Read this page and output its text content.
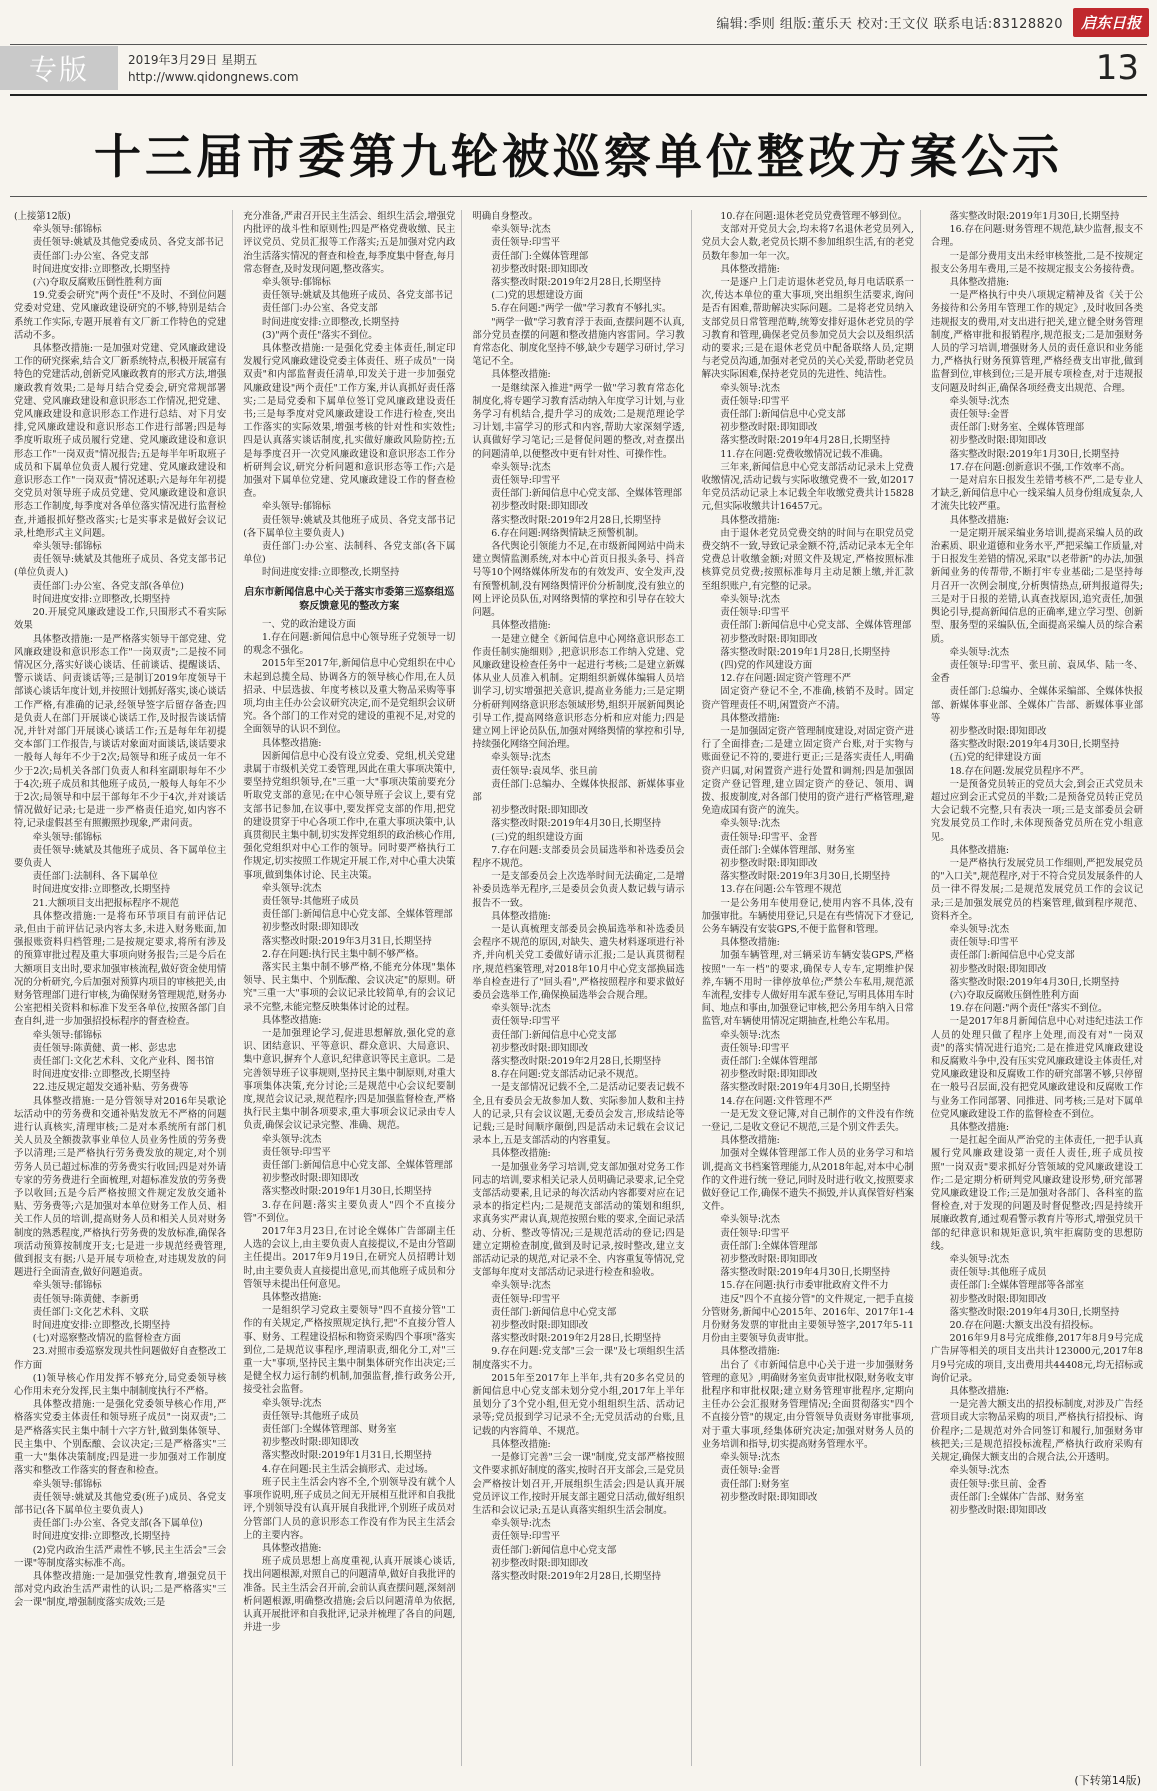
编辑:季则 组版:董乐天 校对:王文仪 联系电话:83128820	启东日报
专版	2019年3月29日 星期五
http://www.qidongnews.com	13
十三届市委第九轮被巡察单位整改方案公示

(上接第12版)

牵头领导:郁锦标

责任领导:姚斌及其他党委成员、各党支部书记

责任部门:办公室、各党支部

时间进度安排:立即整改,长期坚持

(六)夺取反腐败压倒性胜利方面

19.党委会研究"两个责任"不及时、不到位问题党委对党建、党风廉政建设研究的不够,特别是结合系统工作实际,专题开展着有文厂新工作特色的党建活动不多。

具体整改措施:一是加强对党建、党风廉政建设工作的研究探索,结合文厂新系统特点,积极开展富有特色的党建活动,创新党风廉政教育的形式方法,增强廉政教育效果;二是每月结合党委会,研究常规部署党建、党风廉政建设和意识形态工作情况,把党建、党风廉政建设和意识形态工作进行总结、对下月安排,党风廉政建设和意识形态工作进行部署;四是每季度听取班子成员履行党建、党风廉政建设和意识形态工作"一岗双责"情况报告;五是每半年听取班子成员和下属单位负责人履行党建、党风廉政建设和意识形态工作"一岗双责"情况述职;六是每年年初提交党员对领导班子成员党建、党风廉政建设和意识形态工作制度,每季度对各单位落实情况进行监督检查,并通报抓好整改落实;七是实事求是做好会议记录,杜绝形式主义问题。

牵头领导:郁锦标

责任领导:姚斌及其他班子成员、各党支部书记(单位负责人)

责任部门:办公室、各党支部(各单位)

时间进度安排:立即整改,长期坚持

20.开展党风廉政建设工作,只围形式不看实际效果

具体整改措施:一是严格落实领导干部党建、党风廉政建设和意识形态工作"一岗双责";二是按不同情况区分,落实好谈心谈话、任前谈话、提醒谈话、警示谈话、问责谈话等;三是制订2019年度领导干部谈心谈话年度计划,并按照计划抓好落实,谈心谈话工作严格,有准确的记录,经领导签字后留存备查;四是负责人在部门开展谈心谈话工作,及时报告谈话情况,并针对部门开展谈心谈话工作;五是每年年初提交本部门工作报告,与谈话对象面对面谈话,谈话要求一般每人每年不少于2次;局领导和班子成员一年不少于2次;局机关各部门负责人和科室副职每年不少于4次;班子成员和其他班子成员,一般每人每年不少于2次;局领导和中层干部每年不少于4次,并对谈话情况做好记录;七是进一步严格责任追究,如内容不符,记录虚假甚至有照搬照抄现象,严肃问责。

牵头领导:郁锦标

责任领导:姚斌及其他班子成员、各下属单位主要负责人

责任部门:法制科、各下属单位

时间进度安排:立即整改,长期坚持

21.大额项目支出把报标程序不规范

具体整改措施:一是将布环节项目有前评估记录,但由于前评估记录内容太多,未进入财务账面,加强报账资料归档管理;二是按规定要求,将所有涉及的预算审批过程及重大事项向财务报告;三是今后在大额项目支出时,要求加强审核流程,做好资金使用情况的分析研究,今后加强对预算内项目的审核把关,由财务管理部门进行审核,为确保财务管理规范,财务办公室把相关资料和标准下发至各单位,按照各部门自查自纠,进一步加强招投标程序的督查检查。

牵头领导:郁锦标

责任领导:陈黄健、黄一彬、彭忠忠

责任部门:文化艺术科、文化产业科、图书馆

时间进度安排:立即整改,长期坚持

22.违反规定超发交通补贴、劳务费等

具体整改措施:一是分管领导对2016年吴歌论坛活动中的劳务费和交通补贴发放无不严格的问题进行认真核实,清理审核;二是对本系统所有部门机关人员及全额拨款事业单位人员业务性质的劳务费予以清理;三是严格执行劳务费发放的规定,对个别劳务人员已超过标准的劳务费实行收回;四是对外请专家的劳务费进行全面梳理,对超标准发放的劳务费予以收回;五是今后严格按照文件规定发放交通补贴、劳务费等;六是加强对本单位财务工作人员、相关工作人员的培训,提高财务人员和相关人员对财务制度的熟悉程度,严格执行劳务费的发放标准,确保各项活动预算按制度开支;七是进一步规范经费管理,做到报支有据;八是开展专项检查,对违规发放的问题进行全面清查,做好问题追责。

牵头领导:郁锦标

责任领导:陈黄健、李新勇

责任部门:文化艺术科、文联

时间进度安排:立即整改,长期坚持

(七)对巡察整改情况的监督检查方面

23.对照市委巡察发现共性问题做好自查整改工作方面

(1)领导核心作用发挥不够充分,局党委领导核心作用未充分发挥,民主集中制制度执行不严格。

具体整改措施:一是强化党委领导核心作用,严格落实党委主体责任和领导班子成员"一岗双责";二是严格落实民主集中制十六字方针,做到集体领导、民主集中、个别酝酿、会议决定;三是严格落实"三重一大"集体决策制度;四是进一步加强对工作制度落实和整改工作落实的督查和检查。

牵头领导:郁锦标

责任领导:姚斌及其他党委(班子)成员、各党支部书记(各下属单位主要负责人)

责任部门:办公室、各党支部(各下属单位)

时间进度安排:立即整改,长期坚持

(2)党内政治生活严肃性不够,民主生活会"三会一课"等制度落实标准不高。

具体整改措施:一是加强党性教育,增强党员干部对党内政治生活严肃性的认识;二是严格落实"三会一课"制度,增强制度落实成效;三是

充分准备,严肃召开民主生活会、组织生活会,增强党内批评的战斗性和原则性;四是严格党费收缴、民主评议党员、党员汇报等工作落实;五是加强对党内政治生活落实情况的督查和检查,每季度集中督查,每月常态督查,及时发现问题,整改落实。

牵头领导:郁锦标

责任领导:姚斌及其他班子成员、各党支部书记

责任部门:办公室、各党支部

时间进度安排:立即整改,长期坚持

(3)"两个责任"落实不到位。

具体整改措施:一是强化党委主体责任,制定印发履行党风廉政建设党委主体责任、班子成员"一岗双责"和内部监督责任清单,印发关于进一步加强党风廉政建设"两个责任"工作方案,并认真抓好责任落实;二是局党委和下属单位签订党风廉政建设责任书;三是每季度对党风廉政建设工作进行检查,突出工作落实的实际效果,增强考核的针对性和实效性;四是认真落实谈话制度,扎实做好廉政风险防控;五是每季度召开一次党风廉政建设和意识形态工作分析研判会议,研究分析问题和意识形态等工作;六是加强对下属单位党建、党风廉政建设工作的督查检查。

牵头领导:郁锦标

责任领导:姚斌及其他班子成员、各党支部书记(各下属单位主要负责人)

责任部门:办公室、法制科、各党支部(各下属单位)

时间进度安排:立即整改,长期坚持

启东市新闻信息中心关于落实市委第三巡察组巡察反馈意见的整改方案

一、党的政治建设方面

1.存在问题:新闻信息中心领导班子党领导一切的观念不强化。

2015年至2017年,新闻信息中心党组织在中心未起到总揽全局、协调各方的领导核心作用,在人员招录、中层选拔、年度考核以及重大物品采购等事项,均由主任办公会议研究决定,而不是党组织会议研究。各个部门的工作对党的建设的重视不足,对党的全面领导的认识不到位。

具体整改措施:

因新闻信息中心没有设立党委、党组,机关党建隶属于市级机关党工委管理,因此在重大事项决策中,要坚持党组织领导,在"三重一大"事项决策前要充分听取党支部的意见;在中心领导班子会议上,要有党支部书记参加,在议事中,要发挥党支部的作用,把党的建设贯穿于中心各项工作中,在重大事项决策中,认真贯彻民主集中制,切实发挥党组织的政治核心作用,强化党组织对中心工作的领导。同时要严格执行工作规定,切实按照工作规定开展工作,对中心重大决策事项,做到集体讨论、民主决策。

牵头领导:沈杰

责任领导:其他班子成员

责任部门:新闻信息中心党支部、全媒体管理部

初步整改时限:即知即改

落实整改时限:2019年3月31日,长期坚持

2.存在问题:执行民主集中制不够严格。

落实民主集中制不够严格,不能充分体现"集体领导、民主集中、个别酝酿、会议决定"的原则。研究"三重一大"事项的会议记录比较简单,有的会议记录不完整,未能完整反映集体讨论的过程。

具体整改措施:

一是加强理论学习,促进思想解放,强化党的意识、团结意识、平等意识、群众意识、大局意识、集中意识,摒弃个人意识,纪律意识等民主意识。二是完善领导班子议事规则,坚持民主集中制原则,对重大事项集体决策,充分讨论;三是规范中心会议纪要制度,规范会议记录,规范程序;四是加强监督检查,严格执行民主集中制各项要求,重大事项会议记录由专人负责,确保会议记录完整、准确、规范。

牵头领导:沈杰

责任领导:印雪平

责任部门:新闻信息中心党支部、全媒体管理部

初步整改时限:即知即改

落实整改时限:2019年1月30日,长期坚持

3.存在问题:落实主要负责人"四个不直接分管"不到位。

2017年3月23日,在讨论全媒体广告部副主任人选的会议上,由主要负责人直接提议,不是由分管副主任提出。2017年9月19日,在研究人员招聘计划时,由主要负责人直接提出意见,而其他班子成员和分管领导未提出任何意见。

具体整改措施:

一是组织学习党政主要领导"四不直接分管"工作的有关规定,严格按照规定执行,把"不直接分管人事、财务、工程建设招标和物资采购四个事项"落实到位,二是规范议事程序,理清职责,细化分工,对"三重一大"事项,坚持民主集中制集体研究作出决定;三是健全权力运行制约机制,加强监督,推行政务公开,接受社会监督。

牵头领导:沈杰

责任领导:其他班子成员

责任部门:全媒体管理部、财务室

初步整改时限:即知即改

落实整改时限:2019年1月31日,长期坚持

4.存在问题:民主生活会搞形式、走过场。

班子民主生活会内容不全,个别领导没有就个人事项作说明,班子成员之间无开展相互批评和自我批评,个别领导没有认真开展自我批评,个别班子成员对分管部门人员的意识形态工作没有作为民主生活会上的主要内容。

具体整改措施:

班子成员思想上高度重视,认真开展谈心谈话,找出问题根源,对照自己的问题清单,做好自我批评的准备。民主生活会召开前,会前认真查摆问题,深刻剖析问题根源,明确整改措施;会后以问题清单为依据,认真开展批评和自我批评,记录并梳理了各自的问题,并进一步

明确自身整改。

牵头领导:沈杰

责任领导:印雪平

责任部门:全媒体管理部

初步整改时限:即知即改

落实整改时限:2019年2月28日,长期坚持

(二)党的思想建设方面

5.存在问题:"两学一做"学习教育不够扎实。

"两学一做"学习教育浮于表面,查摆问题不认真,部分党员查摆的问题和整改措施内容雷同。学习教育常态化、制度化坚持不够,缺少专题学习研讨,学习笔记不全。

具体整改措施:

一是继续深入推进"两学一做"学习教育常态化制度化,将专题学习教育活动纳入年度学习计划,与业务学习有机结合,提升学习的成效;二是规范理论学习计划,丰富学习的形式和内容,帮助大家深刻学透,认真做好学习笔记;三是督促问题的整改,对查摆出的问题清单,以便整改中更有针对性、可操作性。

牵头领导:沈杰

责任领导:印雪平

责任部门:新闻信息中心党支部、全媒体管理部

初步整改时限:即知即改

落实整改时限:2019年2月28日,长期坚持

6.存在问题:网络舆情缺乏预警机制。

各代舆论引领能力不足,在市级新闻网站中尚未建立舆情监测系统,对本中心首页日报头条号、抖音号等10个网络媒体所发布的有效发声、安全发声,没有预警机制,没有网络舆情评价分析制度,没有独立的网上评论员队伍,对网络舆情的掌控和引导存在较大问题。

具体整改措施:

一是建立健全《新闻信息中心网络意识形态工作责任制实施细则》,把意识形态工作纳入党建、党风廉政建设检查任务中一起进行考核;二是建立新媒体从业人员准入机制。定期组织新媒体编辑人员培训学习,切实增强把关意识,提高业务能力;三是定期分析研判网络意识形态领域形势,组织开展新闻舆论引导工作,提高网络意识形态分析和应对能力;四是建立网上评论员队伍,加强对网络舆情的掌控和引导,持续强化网络空间治理。

牵头领导:沈杰

责任领导:袁凤华、张旦前

责任部门:总编办、全媒体快报部、新媒体事业部

初步整改时限:即知即改

落实整改时限:2019年4月30日,长期坚持

(三)党的组织建设方面

7.存在问题:支部委员会员届选举和补选委员会程序不规范。

一是支部委员会上次选举时间无法确定,二是增补委员选举无程序,三是委员会负责人数记载与请示报告不一致。

具体整改措施:

一是认真梳理支部委员会换届选举和补选委员会程序不规范的原因,对缺失、遗失材料逐项进行补齐,并向机关党工委做好请示汇报;二是认真贯彻程序,规范档案管理,对2018年10月中心党支部换届选举自检查进行了"回头看",严格按照程序和要求做好委员会选举工作,确保换届选举会合规合理。

牵头领导:沈杰

责任领导:印雪平

责任部门:新闻信息中心党支部

初步整改时限:即知即改

落实整改时限:2019年2月28日,长期坚持

8.存在问题:党支部活动记录不规范。

一是支部情况记载不全,二是活动记要表记载不全,且有委员会无故参加人数、实际参加人数和主持人的记录,只有会议议题,无委员会发言,形成结论等记载;三是时间顺序颠倒,四是活动未记载在会议记录本上,五是支部活动的内容重复。

具体整改措施:

一是加强业务学习培训,党支部加强对党务工作同志的培训,要求相关记录人员明确记录要求,记全党支部活动要素,且记录的每次活动内容都要对应在记录本的指定栏内;二是规范支部活动的策划和组织,求真务实严肃认真,规范按照台账的要求,全面记录活动、分析、整改等情况;三是规范活动的登记;四是建立定期检查制度,做到及时记录,按时整改,建立支部活动记录的规范,对记录不全、内容重复等情况,党支部每年度对支部活动记录进行检查和验收。

牵头领导:沈杰

责任领导:印雪平

责任部门:新闻信息中心党支部

初步整改时限:即知即改

落实整改时限:2019年2月28日,长期坚持

9.存在问题:党支部"三会一课"及七项组织生活制度落实不力。

2015年至2017年上半年,共有20多名党员的新闻信息中心党支部未划分党小组,2017年上半年虽划分了3个党小组,但无党小组组织生活、活动记录等;党员报到学习记录不全;无党员活动的台账,且记载的内容简单、不规范。

具体整改措施:

一是修订完善"三会一课"制度,党支部严格按照文件要求抓好制度的落实,按时召开支部会,三是党员会严格按计划召开,开展组织生活会;四是认真开展党员评议工作,按时开展支部主题党日活动,做好组织生活和会议记录;五是认真落实组织生活会制度。

牵头领导:沈杰

责任领导:印雪平

责任部门:新闻信息中心党支部

初步整改时限:即知即改

落实整改时限:2019年2月28日,长期坚持

10.存在问题:退休老党员党费管理不够到位。

支部对开党员大会,均未将7名退休老党员列入,党员大会人数,老党员长期不参加组织生活,有的老党员数年参加一年一次。

具体整改措施:

一是逐户上门走访退休老党员,每月电话联系一次,传达本单位的重大事项,突出组织生活要求,询问是否有困难,帮助解决实际问题。二是将老党员纳入支部党员日常管理范畴,统筹安排好退休老党员的学习教育和管理,确保老党员参加党员大会以及组织活动的要求;三是在退休老党员中配备联络人员,定期与老党员沟通,加强对老党员的关心关爱,帮助老党员解决实际困难,保持老党员的先进性、纯洁性。

牵头领导:沈杰

责任领导:印雪平

责任部门:新闻信息中心党支部

初步整改时限:即知即改

落实整改时限:2019年4月28日,长期坚持

11.存在问题:党费收缴情况记载不准确。

三年来,新闻信息中心党支部活动记录未上党费收缴情况,活动记载与实际收缴党费不一致,如2017年党员活动记录上本记载全年收缴党费共计15828元,但实际收缴共计16457元。

具体整改措施:

由于退休老党员党费交纳的时间与在职党员党费交纳不一致,导致记录金额不符,活动记录本无全年党费总计收缴金额;对照文件及规定,严格按照标准核算党员党费;按照标准每月主动足额上缴,并汇款至组织账户,有完整的记录。

牵头领导:沈杰

责任领导:印雪平

责任部门:新闻信息中心党支部、全媒体管理部

初步整改时限:即知即改

落实整改时限:2019年1月28日,长期坚持

(四)党的作风建设方面

12.存在问题:固定资产管理不严

固定资产登记不全,不准确,核销不及时。固定资产管理责任不明,闲置资产不清。

具体整改措施:

一是加强固定资产管理制度建设,对固定资产进行了全面排查;二是建立固定资产台账,对于实物与账面登记不符的,要进行更正;三是落实责任人,明确资产归属,对闲置资产进行处置和调剂;四是加强固定资产登记管理,建立固定资产的登记、领用、调拨、报废制度,对各部门使用的资产进行严格管理,避免造成国有资产的流失。

牵头领导:沈杰

责任领导:印雪平、金晋

责任部门:全媒体管理部、财务室

初步整改时限:即知即改

落实整改时限:2019年3月30日,长期坚持

13.存在问题:公车管理不规范

一是公务用车使用登记,使用内容不具体,没有加强审批。车辆使用登记,只是在有些情况下才登记,公务车辆没有安装GPS,不便于监督和管理。

具体整改措施:

加强车辆管理,对三辆采访车辆安装GPS,严格按照"一车一档"的要求,确保专人专车,定期维护保养,车辆不用时一律停放单位;严禁公车私用,规范派车流程,安排专人做好用车派车登记,写明具体用车时间、地点和事由,加强登记审核,把公务用车纳入日常监管,对车辆使用情况定期抽查,杜绝公车私用。

牵头领导:沈杰

责任领导:印雪平

责任部门:全媒体管理部

初步整改时限:即知即改

落实整改时限:2019年4月30日,长期坚持

14.存在问题:文件管理不严

一是无发文登记簿,对自己制作的文件没有作统一登记,二是收文登记不规范,三是个别文件丢失。

具体整改措施:

加强对全媒体管理部工作人员的业务学习和培训,提高文书档案管理能力,从2018年起,对本中心制作的文件进行统一登记,同时及时进行收文,按照要求做好登记工作,确保不遗失不损毁,并认真保管好档案文件。

牵头领导:沈杰

责任领导:印雪平

责任部门:全媒体管理部

初步整改时限:即知即改

落实整改时限:2019年4月30日,长期坚持

15.存在问题:执行市委审批政府文件不力

违反"四个不直接分管"的文件规定,一把手直接分管财务,新闻中心2015年、2016年、2017年1-4月份财务发票的审批由主要领导签字,2017年5-11月份由主要领导负责审批。

具体整改措施:

出台了《市新闻信息中心关于进一步加强财务管理的意见》,明确财务室负责审批权限,财务收支审批程序和审批权限;建立财务管理审批程序,定期向主任办公会汇报财务管理情况;全面贯彻落实"四个不直接分管"的规定,由分管领导负责财务审批事项,对于重大事项,经集体研究决定;加强对财务人员的业务培训和指导,切实提高财务管理水平。

牵头领导:沈杰

责任领导:金晋

责任部门:财务室

初步整改时限:即知即改

落实整改时限:2019年1月30日,长期坚持

16.存在问题:财务管理不规范,缺少监督,报支不合理。

一是部分费用支出未经审核签批,二是不按规定报支公务用车费用,三是不按规定报支公务接待费。

具体整改措施:

一是严格执行中央八项规定精神及省《关于公务接待和公务用车管理工作的规定》,及时收回各类违规报支的费用,对支出进行把关,建立健全财务管理制度,严格审批和报销程序,规范报支;二是加强财务人员的学习培训,增强财务人员的责任意识和业务能力,严格执行财务预算管理,严格经费支出审批,做到监督到位,审核到位;三是开展专项检查,对于违规报支问题及时纠正,确保各项经费支出规范、合理。

牵头领导:沈杰

责任领导:金晋

责任部门:财务室、全媒体管理部

初步整改时限:即知即改

落实整改时限:2019年1月30日,长期坚持

17.存在问题:创新意识不强,工作效率不高。

一是对启东日报发生差错考核不严,二是专业人才缺乏,新闻信息中心一线采编人员身份组成复杂,人才流失比较严重。

具体整改措施:

一是定期开展采编业务培训,提高采编人员的政治素质、职业道德和业务水平,严把采编工作质量,对于日报发生差错的情况,采取"以老带新"的办法,加强新闻业务的传帮带,不断打牢专业基础;二是坚持每月召开一次例会制度,分析舆情热点,研判报道得失;三是对于日报的差错,认真查找原因,追究责任,加强舆论引导,提高新闻信息的正确率,建立学习型、创新型、服务型的采编队伍,全面提高采编人员的综合素质。

牵头领导:沈杰

责任领导:印雪平、张旦前、袁凤华、陆一冬、金香

责任部门:总编办、全媒体采编部、全媒体快报部、新媒体事业部、全媒体广告部、新媒体事业部等

初步整改时限:即知即改

落实整改时限:2019年4月30日,长期坚持

(五)党的纪律建设方面

18.存在问题:发展党员程序不严。

一是预备党员转正的党员大会,到会正式党员未超过应到会正式党员的半数;二是预备党员转正党员大会记载不完整,只有表决一项;三是支部委员会研究发展党员工作时,未体现预备党员所在党小组意见。

具体整改措施:

一是严格执行发展党员工作细则,严把发展党员的"入口关",规范程序,对于不符合党员发展条件的人员一律不得发展;二是规范发展党员工作的会议记录;三是加强发展党员的档案管理,做到程序规范、资料齐全。

牵头领导:沈杰

责任领导:印雪平

责任部门:新闻信息中心党支部

初步整改时限:即知即改

落实整改时限:2019年4月30日,长期坚持

(六)夺取反腐败压倒性胜利方面

19.存在问题:"两个责任"落实不到位。

一是2017年8月新闻信息中心对违纪违法工作人员的处理只做了程序上处理,而没有对"一岗双责"的落实情况进行追究;二是在推进党风廉政建设和反腐败斗争中,没有压实党风廉政建设主体责任,对党风廉政建设和反腐败工作的研究部署不够,只停留在一般号召层面,没有把党风廉政建设和反腐败工作与业务工作同部署、同推进、同考核;三是对下属单位党风廉政建设工作的监督检查不到位。

具体整改措施:

一是扛起全面从严治党的主体责任,一把手认真履行党风廉政建设第一责任人责任,班子成员按照"一岗双责"要求抓好分管领域的党风廉政建设工作;二是定期分析研判党风廉政建设形势,研究部署党风廉政建设工作;三是加强对各部门、各科室的监督检查,对于发现的问题及时督促整改;四是持续开展廉政教育,通过观看警示教育片等形式,增强党员干部的纪律意识和规矩意识,筑牢拒腐防变的思想防线。

牵头领导:沈杰

责任领导:其他班子成员

责任部门:全媒体管理部等各部室

初步整改时限:即知即改

落实整改时限:2019年4月30日,长期坚持

20.存在问题:大额支出没有招投标。

2016年9月8号完成维修,2017年8月9号完成广告屏等相关的项目支出共计123000元,2017年8月9号完成的项目,支出费用共44408元,均无招标或询价记录。

具体整改措施:

一是完善大额支出的招投标制度,对涉及广告经营项目或大宗物品采购的项目,严格执行招投标、询价程序;二是规范对外合同签订和履行,加强财务审核把关;三是规范招投标流程,严格执行政府采购有关规定,确保大额支出的合规合法,公开透明。

牵头领导:沈杰

责任领导:张旦前、金香

责任部门:全媒体广告部、财务室

初步整改时限:即知即改

(下转第14版)
